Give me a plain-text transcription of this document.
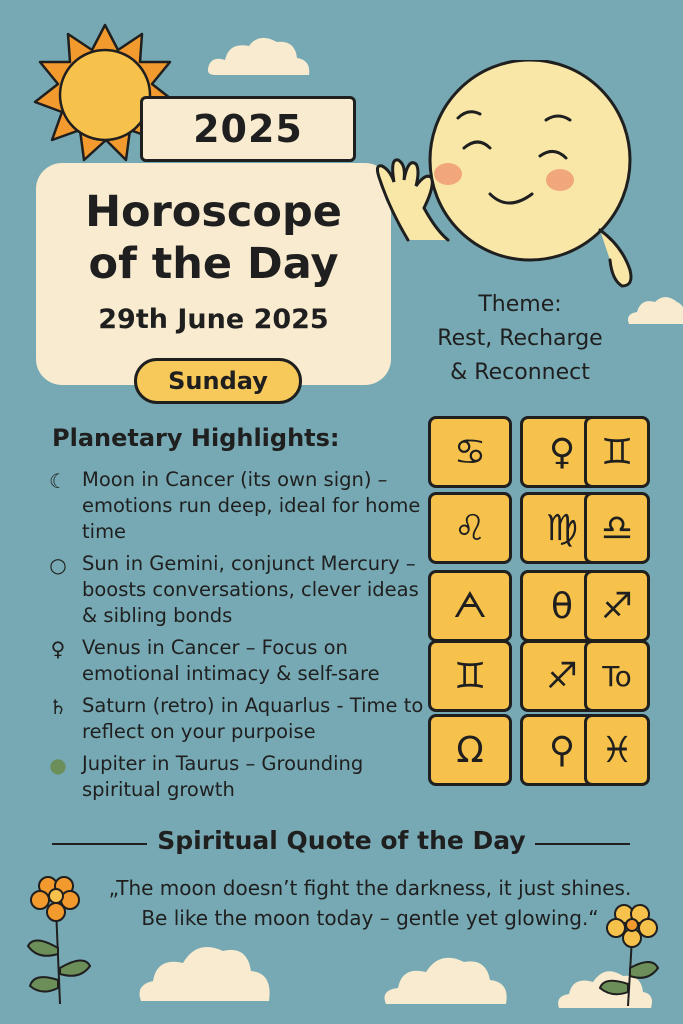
2025
Horoscope
of the Day
29th June 2025
Sunday
Theme:
Rest, Recharge
& Reconnect
Planetary Highlights:
☾ Moon in Cancer (its own sign) – emotions run deep, ideal for home time
○ Sun in Gemini, conjunct Mercury – boosts conversations, clever ideas & sibling bonds
♀ Venus in Cancer – Focus on emotional intimacy & self-sare
♄ Saturn (retro) in Aquarlus - Time to reflect on your purpoise
● Jupiter in Taurus – Grounding spiritual growth
♋	♀ ♊
♌	♍ ♎
ᗅ	θ ♐
♊	♐ To
Ω	⚲ ♓
Spiritual Quote of the Day
„The moon doesn’t fight the darkness, it just shines.
Be like the moon today – gentle yet glowing.“
